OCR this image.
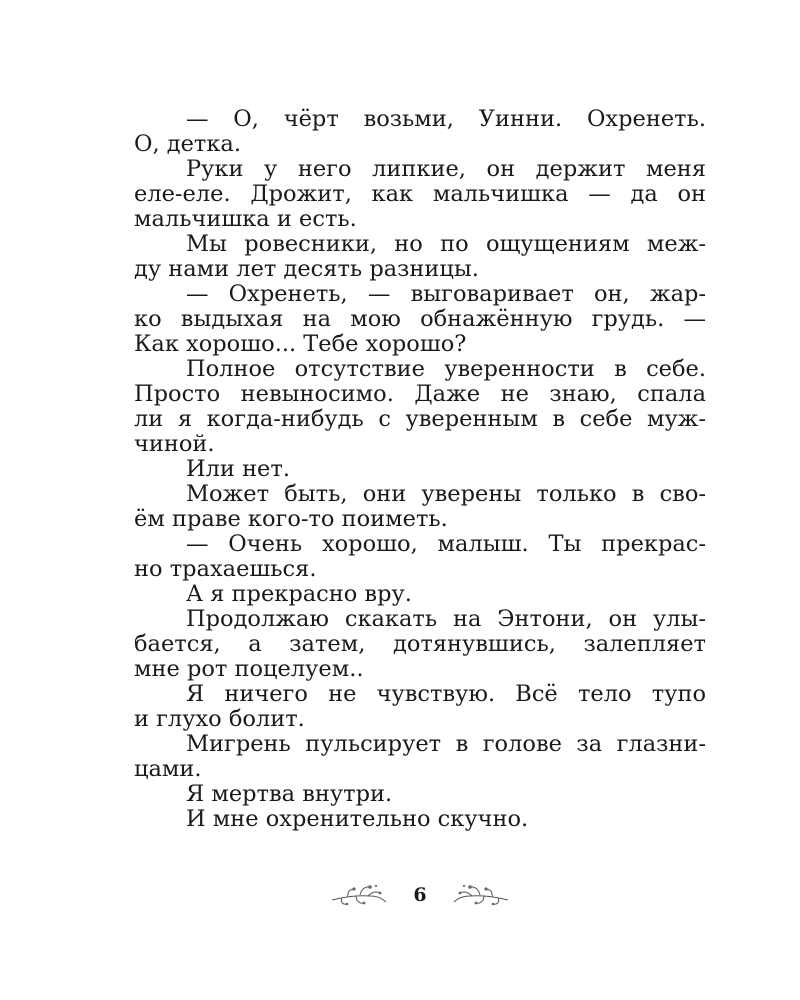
— О, чёрт возьми, Уинни. Охренеть.
О, детка.
Руки у него липкие, он держит меня
еле-еле. Дрожит, как мальчишка — да он
мальчишка и есть.
Мы ровесники, но по ощущениям меж-
ду нами лет десять разницы.
— Охренеть, — выговаривает он, жар-
ко выдыхая на мою обнажённую грудь. —
Как хорошо... Тебе хорошо?
Полное отсутствие уверенности в себе.
Просто невыносимо. Даже не знаю, спала
ли я когда-нибудь с уверенным в себе муж-
чиной.
Или нет.
Может быть, они уверены только в сво-
ём праве кого-то поиметь.
— Очень хорошо, малыш. Ты прекрас-
но трахаешься.
А я прекрасно вру.
Продолжаю скакать на Энтони, он улы-
бается, а затем, дотянувшись, залепляет
мне рот поцелуем..
Я ничего не чувствую. Всё тело тупо
и глухо болит.
Мигрень пульсирует в голове за глазни-
цами.
Я мертва внутри.
И мне охренительно скучно.
6
